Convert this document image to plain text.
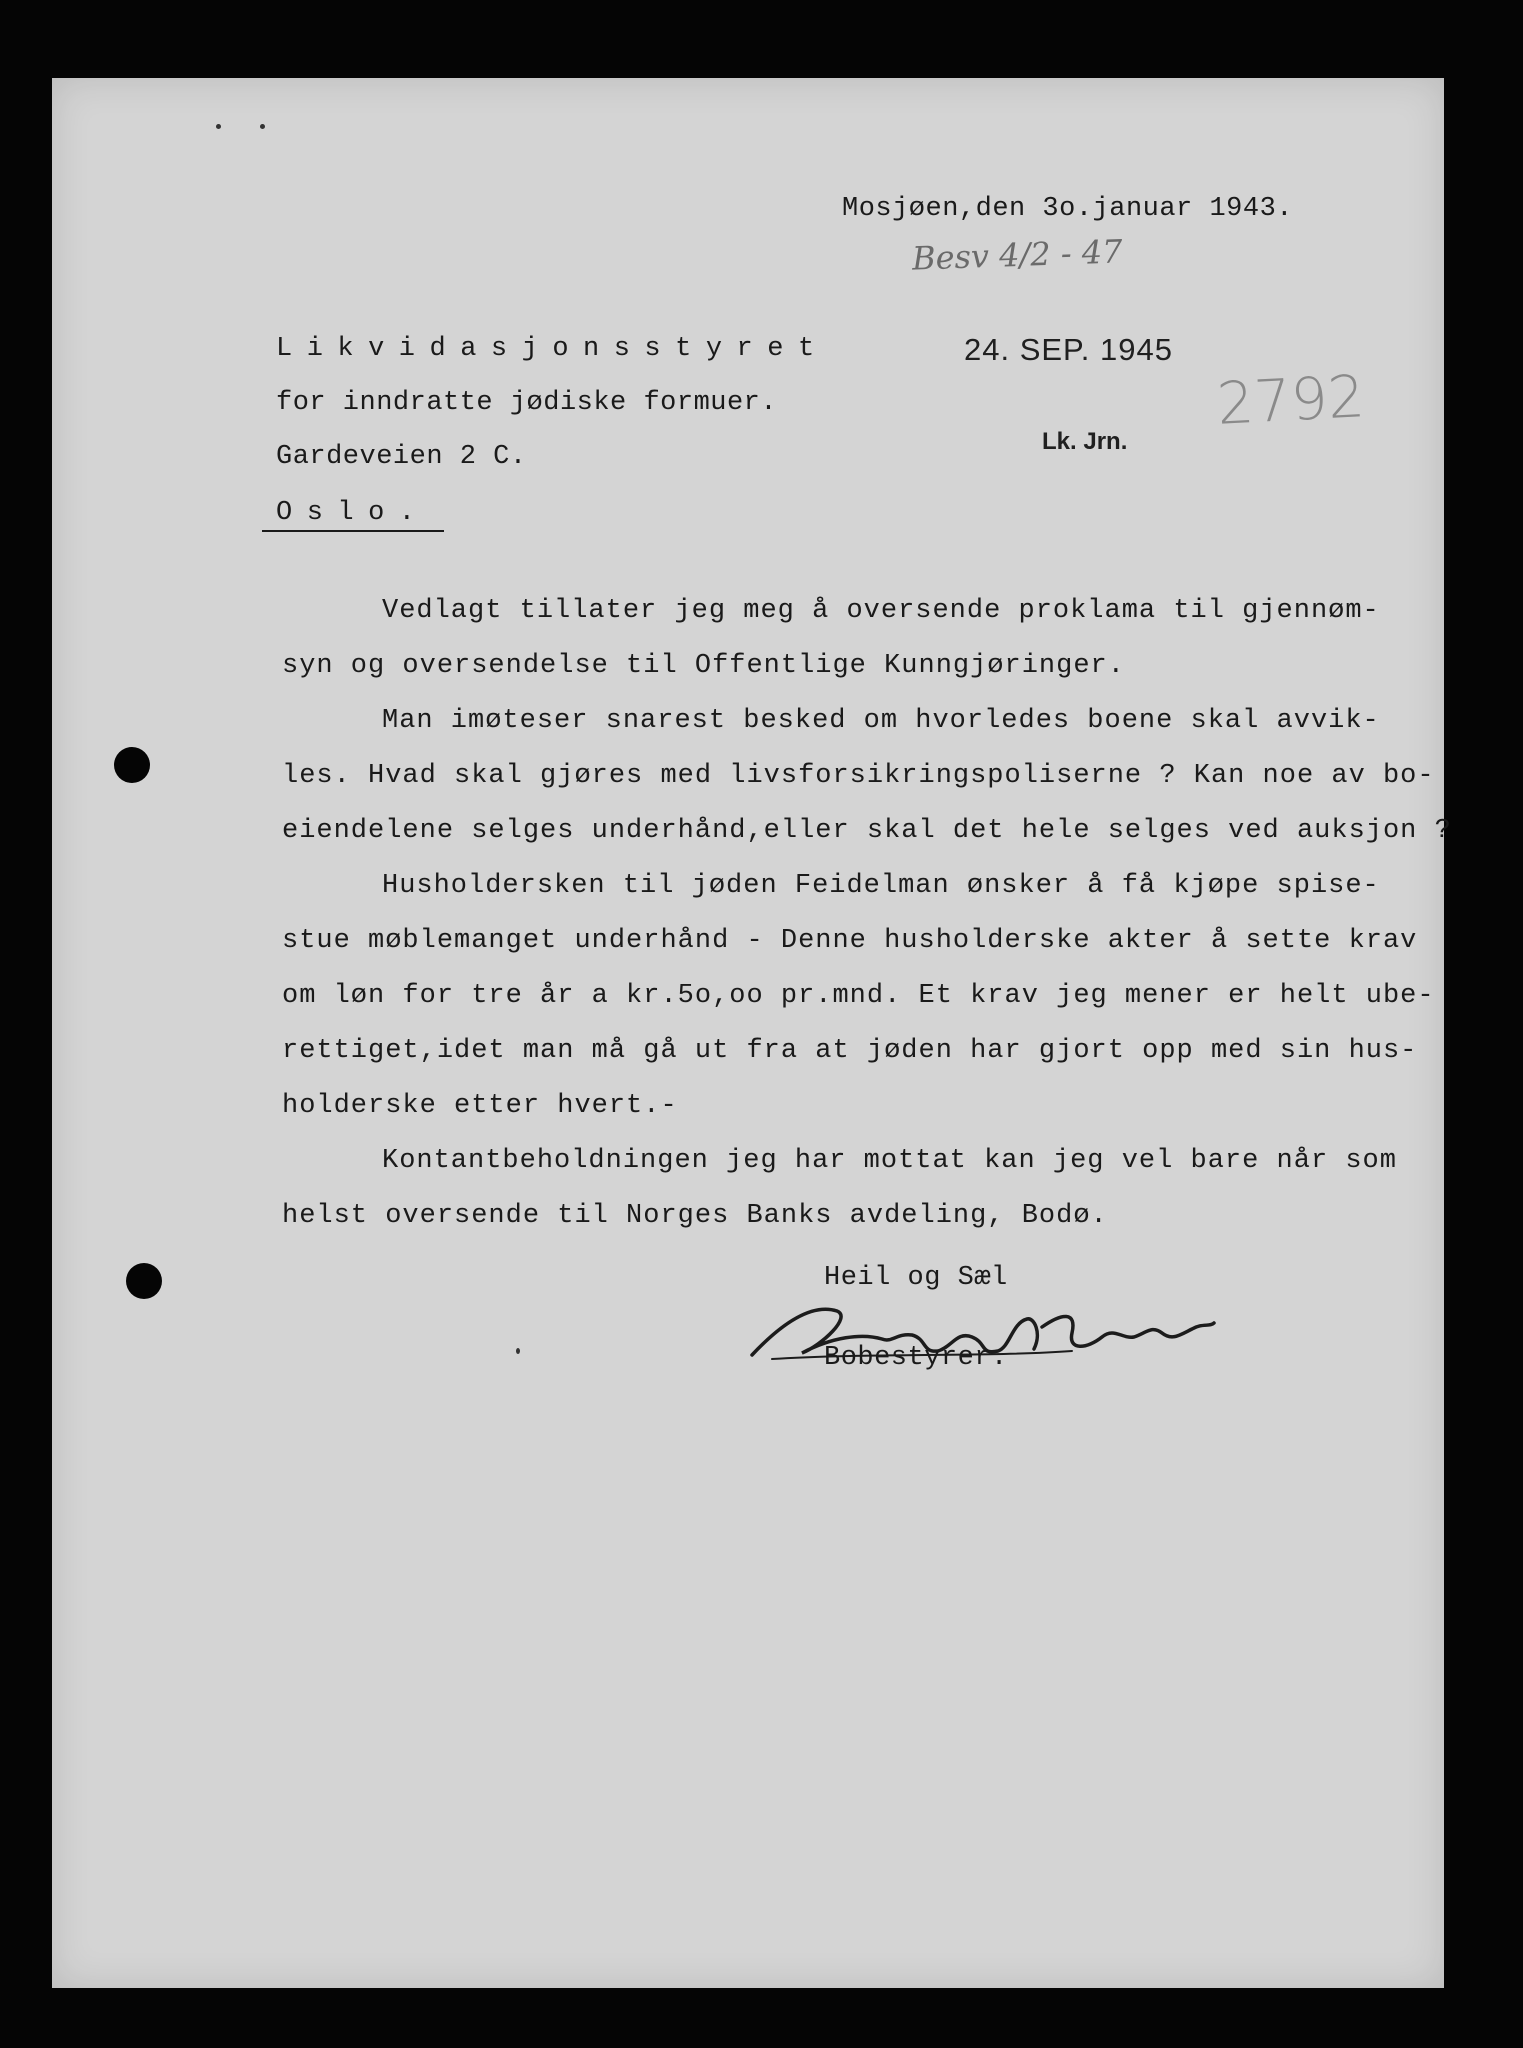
Mosjøen,den 3o.januar 1943.
Besv 4/2 - 47
Likvidasjonsstyret
for inndratte jødiske formuer.
Gardeveien 2 C.
Oslo.
24. SEP. 1945
Lk. Jrn.
2792
Vedlagt tillater jeg meg å oversende proklama til gjennøm-
syn og oversendelse til Offentlige Kunngjøringer.
Man imøteser snarest besked om hvorledes boene skal avvik-
les. Hvad skal gjøres med livsforsikringspoliserne ? Kan noe av bo-
eiendelene selges underhånd,eller skal det hele selges ved auksjon ?
Husholdersken til jøden Feidelman ønsker å få kjøpe spise-
stue møblemanget underhånd - Denne husholderske akter å sette krav
om løn for tre år a kr.5o,oo pr.mnd. Et krav jeg mener er helt ube-
rettiget,idet man må gå ut fra at jøden har gjort opp med sin hus-
holderske etter hvert.-
Kontantbeholdningen jeg har mottat kan jeg vel bare når som
helst oversende til Norges Banks avdeling, Bodø.
Heil og Sæl
Bobestyrer.
